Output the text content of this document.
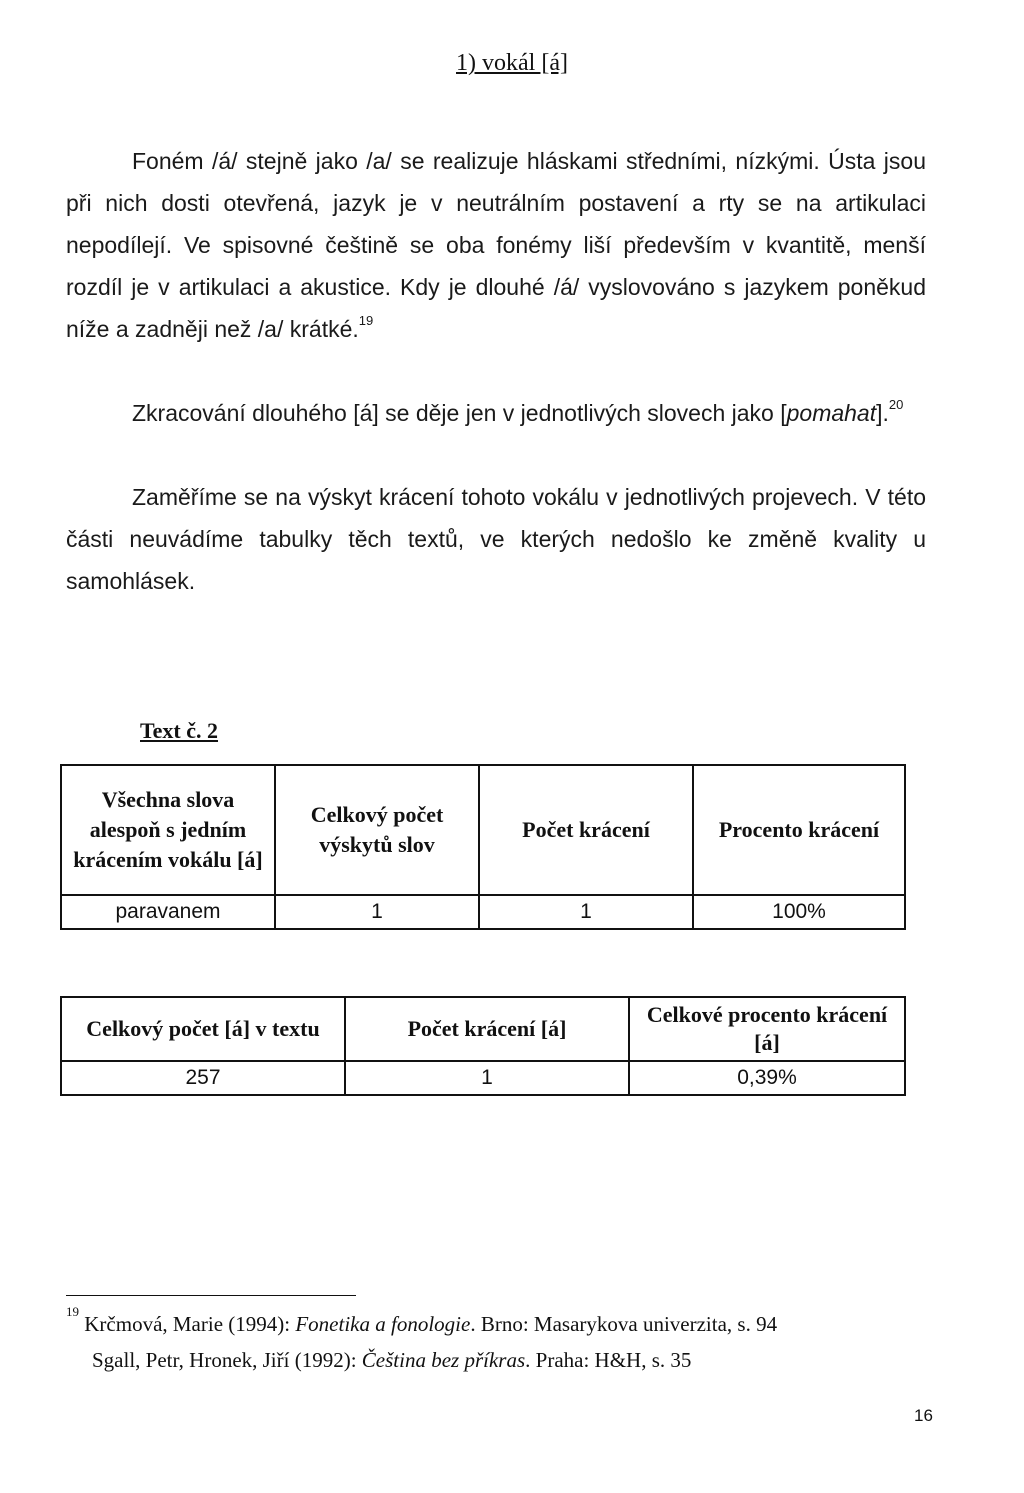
1) vokál [á]
Foném /á/ stejně jako /a/ se realizuje hláskami středními, nízkými. Ústa jsou při nich dosti otevřená, jazyk je v neutrálním postavení a rty se na artikulaci nepodílejí. Ve spisovné češtině se oba fonémy liší především v kvantitě, menší rozdíl je v artikulaci a akustice. Kdy je dlouhé /á/ vyslovováno s jazykem poněkud níže a zadněji než /a/ krátké.$^{19}$
Zkracování dlouhého [á] se děje jen v jednotlivých slovech jako [pomahat].$^{20}$
Zaměříme se na výskyt krácení tohoto vokálu v jednotlivých projevech. V této části neuvádíme tabulky těch textů, ve kterých nedošlo ke změně kvality u samohlásek.
Text č. 2
Všechna slova alespoň s jedním krácením vokálu [á]	Celkový počet výskytů slov	Počet krácení	Procento krácení
paravanem	1	1	100%
Celkový počet [á] v textu	Počet krácení [á]	Celkové procento krácení [á]
257	1	0,39%
$^{19}$ Krčmová, Marie (1994): Fonetika a fonologie. Brno: Masarykova univerzita, s. 94
Sgall, Petr, Hronek, Jiří (1992): Čeština bez příkras. Praha: H&H, s. 35
16
